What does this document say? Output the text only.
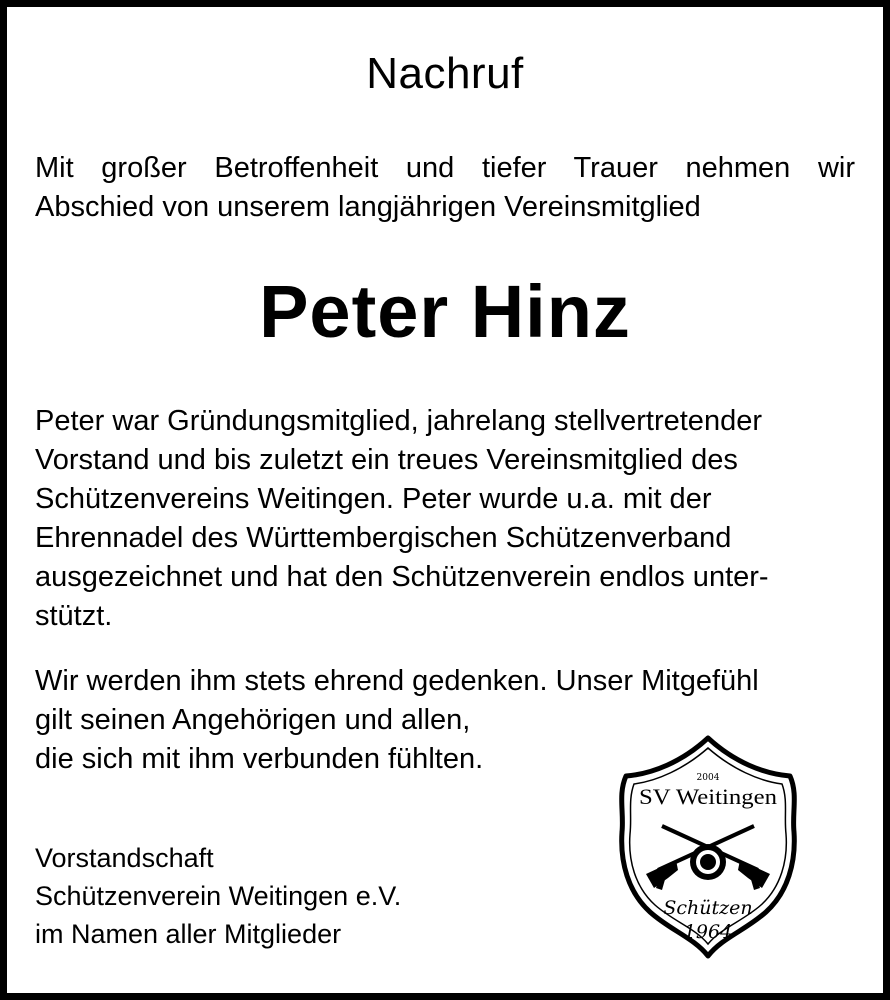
Nachruf
Mit großer Betroffenheit und tiefer Trauer nehmen wir
Abschied von unserem langjährigen Vereinsmitglied
Peter Hinz
Peter war Gründungsmitglied, jahrelang stellvertretender
Vorstand und bis zuletzt ein treues Vereinsmitglied des
Schützenvereins Weitingen. Peter wurde u.a. mit der
Ehrennadel des Württembergischen Schützenverband
ausgezeichnet und hat den Schützenverein endlos unter-
stützt.
Wir werden ihm stets ehrend gedenken. Unser Mitgefühl
gilt seinen Angehörigen und allen,
die sich mit ihm verbunden fühlten.
Vorstandschaft
Schützenverein Weitingen e.V.
im Namen aller Mitglieder
2004
SV Weitingen
Schützen
1964
